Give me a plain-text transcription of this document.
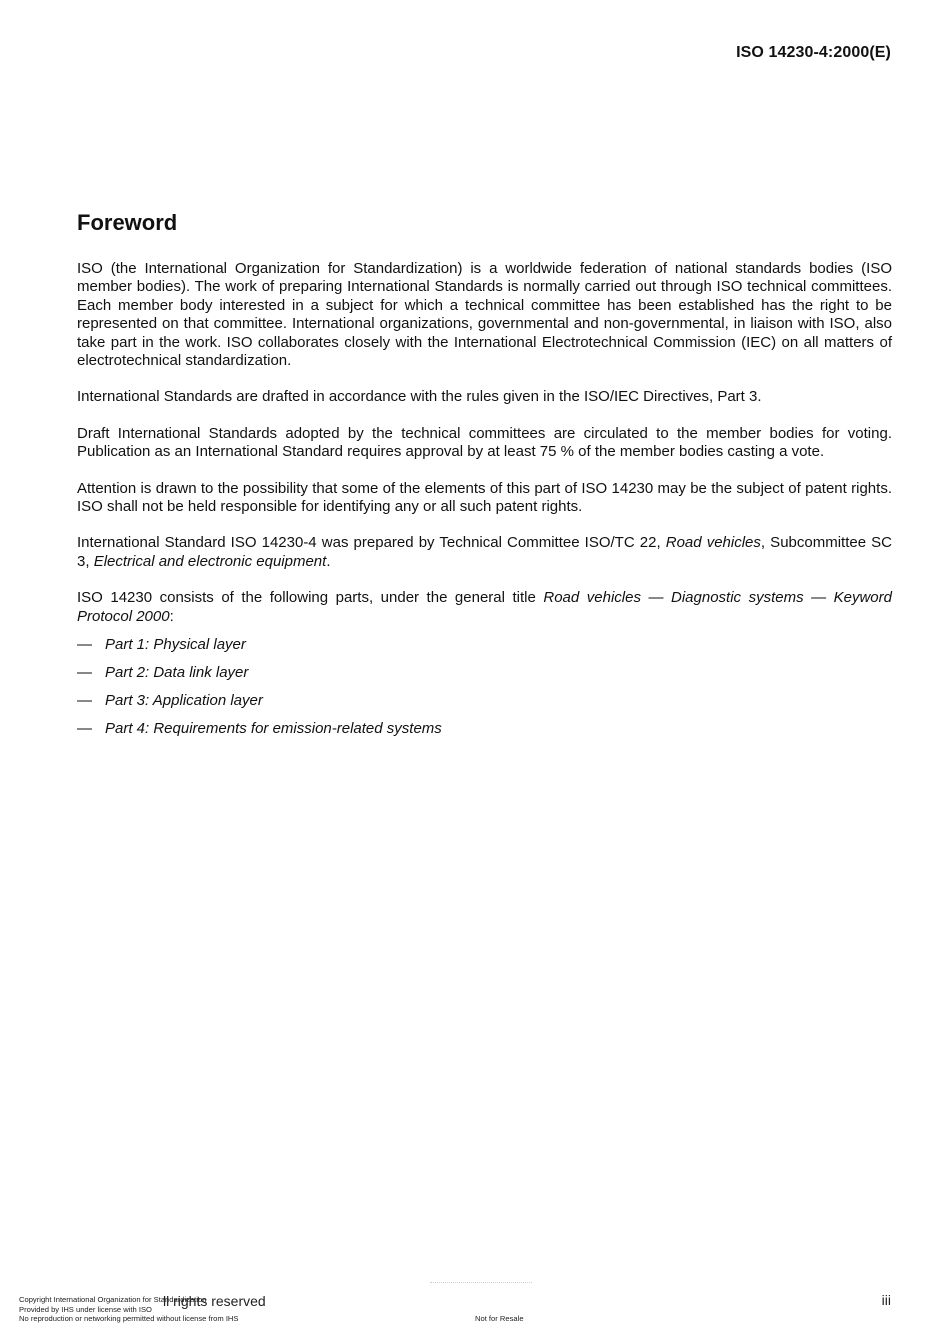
ISO 14230-4:2000(E)
Foreword

ISO (the International Organization for Standardization) is a worldwide federation of national standards bodies (ISO member bodies). The work of preparing International Standards is normally carried out through ISO technical committees. Each member body interested in a subject for which a technical committee has been established has the right to be represented on that committee. International organizations, governmental and non-governmental, in liaison with ISO, also take part in the work. ISO collaborates closely with the International Electrotechnical Commission (IEC) on all matters of electrotechnical standardization.

International Standards are drafted in accordance with the rules given in the ISO/IEC Directives, Part 3.

Draft International Standards adopted by the technical committees are circulated to the member bodies for voting. Publication as an International Standard requires approval by at least 75 % of the member bodies casting a vote.

Attention is drawn to the possibility that some of the elements of this part of ISO 14230 may be the subject of patent rights. ISO shall not be held responsible for identifying any or all such patent rights.

International Standard ISO 14230-4 was prepared by Technical Committee ISO/TC 22, Road vehicles, Subcommittee SC 3, Electrical and electronic equipment.

ISO 14230 consists of the following parts, under the general title Road vehicles — Diagnostic systems — Keyword Protocol 2000:

— Part 1: Physical layer
— Part 2: Data link layer
— Part 3: Application layer
— Part 4: Requirements for emission-related systems
Copyright International Organization for Standardization
Provided by IHS under license with ISO
No reproduction or networking permitted without license from IHS
ll rights reserved
Not for Resale
iii
